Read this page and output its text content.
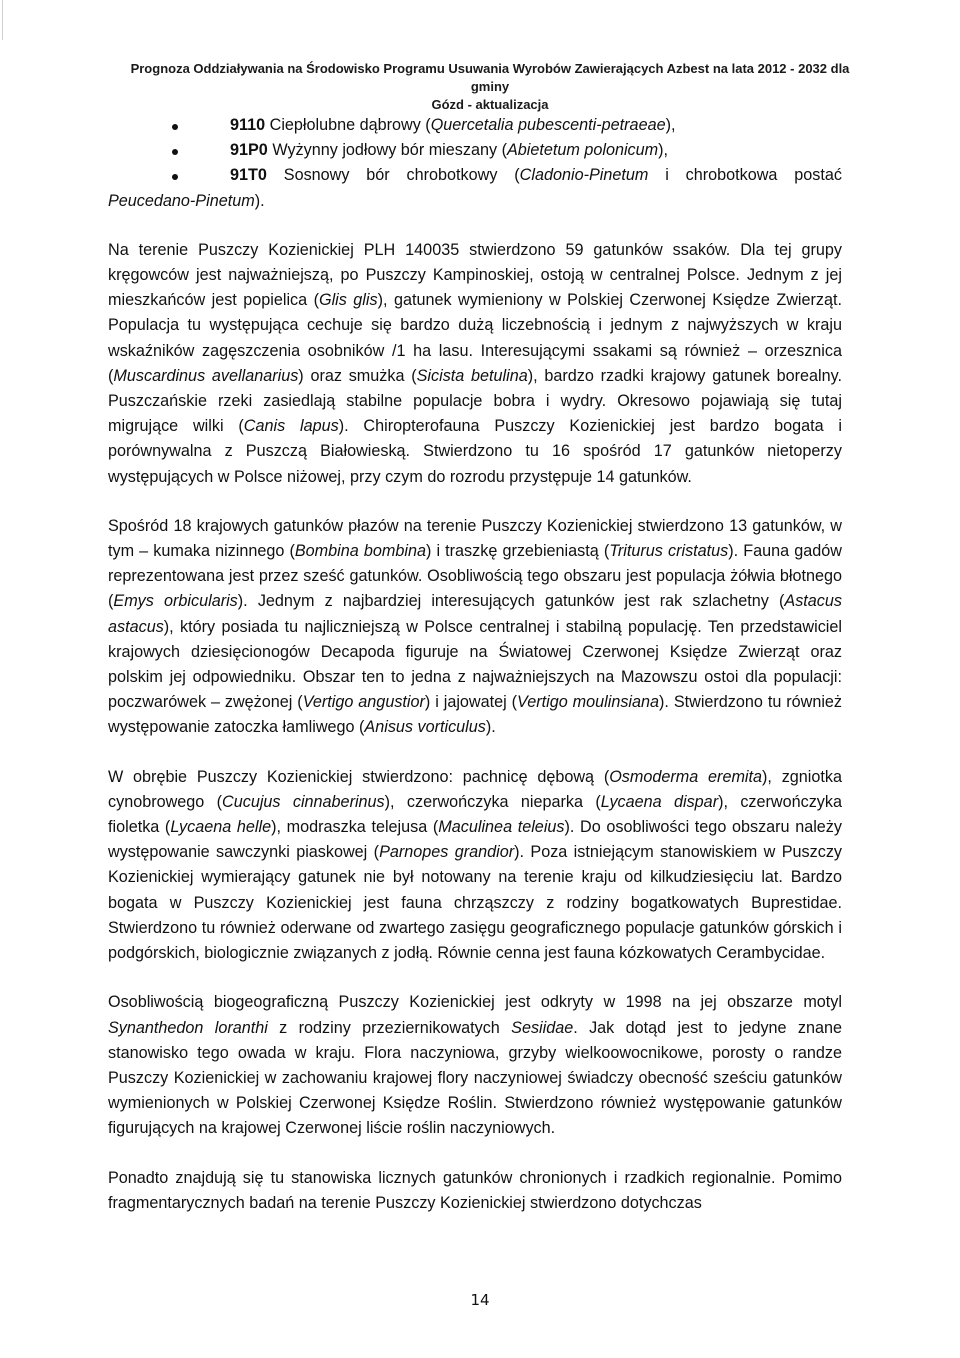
Prognoza Oddziaływania na Środowisko Programu Usuwania Wyrobów Zawierających Azbest na lata 2012 - 2032 dla gminy
Gózd - aktualizacja
9110 Ciepłolubne dąbrowy (Quercetalia pubescenti-petraeae),
91P0 Wyżynny jodłowy bór mieszany (Abietetum polonicum),
91T0 Sosnowy bór chrobotkowy (Cladonio-Pinetum i chrobotkowa postać Peucedano-Pinetum).

Na terenie Puszczy Kozienickiej PLH 140035 stwierdzono 59 gatunków ssaków. Dla tej grupy kręgowców jest najważniejszą, po Puszczy Kampinoskiej, ostoją w centralnej Polsce. Jednym z jej mieszkańców jest popielica (Glis glis), gatunek wymieniony w Polskiej Czerwonej Księdze Zwierząt. Populacja tu występująca cechuje się bardzo dużą liczebnością i jednym z najwyższych w kraju wskaźników zagęszczenia osobników /1 ha lasu. Interesującymi ssakami są również – orzesznica (Muscardinus avellanarius) oraz smużka (Sicista betulina), bardzo rzadki krajowy gatunek borealny. Puszczańskie rzeki zasiedlają stabilne populacje bobra i wydry. Okresowo pojawiają się tutaj migrujące wilki (Canis lapus). Chiropterofauna Puszczy Kozienickiej jest bardzo bogata i porównywalna z Puszczą Białowieską. Stwierdzono tu 16 spośród 17 gatunków nietoperzy występujących w Polsce niżowej, przy czym do rozrodu przystępuje 14 gatunków.

Spośród 18 krajowych gatunków płazów na terenie Puszczy Kozienickiej stwierdzono 13 gatunków, w tym – kumaka nizinnego (Bombina bombina) i traszkę grzebieniastą (Triturus cristatus). Fauna gadów reprezentowana jest przez sześć gatunków. Osobliwością tego obszaru jest populacja żółwia błotnego (Emys orbicularis). Jednym z najbardziej interesujących gatunków jest rak szlachetny (Astacus astacus), który posiada tu najliczniejszą w Polsce centralnej i stabilną populację. Ten przedstawiciel krajowych dziesięcionogów Decapoda figuruje na Światowej Czerwonej Księdze Zwierząt oraz polskim jej odpowiedniku. Obszar ten to jedna z najważniejszych na Mazowszu ostoi dla populacji: poczwarówek – zwężonej (Vertigo angustior) i jajowatej (Vertigo moulinsiana). Stwierdzono tu również występowanie zatoczka łamliwego (Anisus vorticulus).

W obrębie Puszczy Kozienickiej stwierdzono: pachnicę dębową (Osmoderma eremita), zgniotka cynobrowego (Cucujus cinnaberinus), czerwończyka nieparka (Lycaena dispar), czerwończyka fioletka (Lycaena helle), modraszka telejusa (Maculinea teleius). Do osobliwości tego obszaru należy występowanie sawczynki piaskowej (Parnopes grandior). Poza istniejącym stanowiskiem w Puszczy Kozienickiej wymierający gatunek nie był notowany na terenie kraju od kilkudziesięciu lat. Bardzo bogata w Puszczy Kozienickiej jest fauna chrząszczy z rodziny bogatkowatych Buprestidae. Stwierdzono tu również oderwane od zwartego zasięgu geograficznego populacje gatunków górskich i podgórskich, biologicznie związanych z jodłą. Równie cenna jest fauna kózkowatych Cerambycidae.

Osobliwością biogeograficzną Puszczy Kozienickiej jest odkryty w 1998 na jej obszarze motyl Synanthedon loranthi z rodziny przeziernikowatych Sesiidae. Jak dotąd jest to jedyne znane stanowisko tego owada w kraju. Flora naczyniowa, grzyby wielkoowocnikowe, porosty o randze Puszczy Kozienickiej w zachowaniu krajowej flory naczyniowej świadczy obecność sześciu gatunków wymienionych w Polskiej Czerwonej Księdze Roślin. Stwierdzono również występowanie gatunków figurujących na krajowej Czerwonej liście roślin naczyniowych.

Ponadto znajdują się tu stanowiska licznych gatunków chronionych i rzadkich regionalnie. Pomimo fragmentarycznych badań na terenie Puszczy Kozienickiej stwierdzono dotychczas

14
